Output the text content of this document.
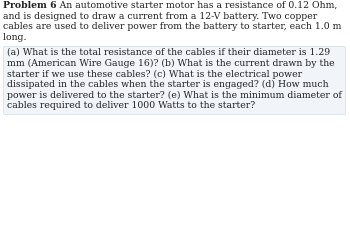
Problem 6 An automotive starter motor has a resistance of 0.12 Ohm, and is designed to draw a current from a 12-V battery. Two copper cables are used to deliver power from the battery to starter, each 1.0 m long.

(a) What is the total resistance of the cables if their diameter is 1.29 mm (American Wire Gauge 16)? (b) What is the current drawn by the starter if we use these cables? (c) What is the electrical power dissipated in the cables when the starter is engaged? (d) How much power is delivered to the starter? (e) What is the minimum diameter of cables required to deliver 1000 Watts to the starter?
